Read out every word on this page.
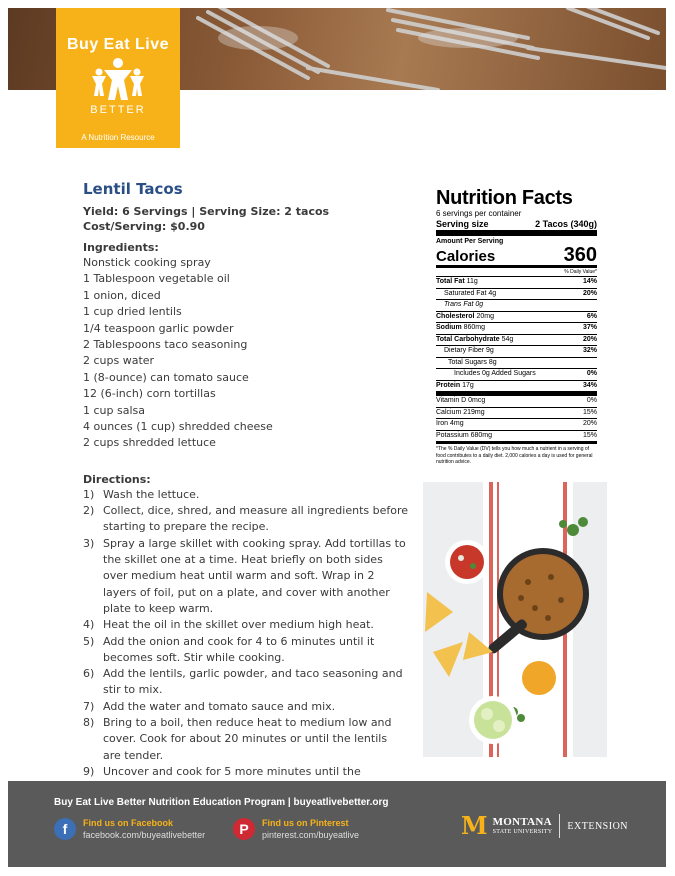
Buy Eat Live
BETTER
A Nutrition Resource
Lentil Tacos
Yield: 6 Servings | Serving Size: 2 tacos
Cost/Serving: $0.90
Ingredients:
Nonstick cooking spray
1 Tablespoon vegetable oil
1 onion, diced
1 cup dried lentils
1/4 teaspoon garlic powder
2 Tablespoons taco seasoning
2 cups water
1 (8-ounce) can tomato sauce
12 (6-inch) corn tortillas
1 cup salsa
4 ounces (1 cup) shredded cheese
2 cups shredded lettuce
Directions:
1) Wash the lettuce.
2) Collect, dice, shred, and measure all ingredients before starting to prepare the recipe.
3) Spray a large skillet with cooking spray. Add tortillas to the skillet one at a time. Heat briefly on both sides over medium heat until warm and soft. Wrap in 2 layers of foil, put on a plate, and cover with another plate to keep warm.
4) Heat the oil in the skillet over medium high heat.
5) Add the onion and cook for 4 to 6 minutes until it becomes soft. Stir while cooking.
6) Add the lentils, garlic powder, and taco seasoning and stir to mix.
7) Add the water and tomato sauce and mix.
8) Bring to a boil, then reduce heat to medium low and cover. Cook for about 20 minutes or until the lentils are tender.
9) Uncover and cook for 5 more minutes until the
Nutrition Facts
6 servings per container
Serving size	2 Tacos (340g)
Amount Per Serving
Calories	360
% Daily Value*
Total Fat 11g	14%
Saturated Fat 4g	20%
Trans Fat 0g
Cholesterol 20mg	6%
Sodium 860mg	37%
Total Carbohydrate 54g	20%
Dietary Fiber 9g	32%
Total Sugars 8g
Includes 0g Added Sugars	0%
Protein 17g	34%
Vitamin D 0mcg	0%
Calcium 219mg	15%
Iron 4mg	20%
Potassium 680mg	15%
*The % Daily Value (DV) tells you how much a nutrient in a serving of food contributes to a daily diet. 2,000 calories a day is used for general nutrition advice.
Buy Eat Live Better Nutrition Education Program | buyeatlivebetter.org
f	Find us on Facebook
facebook.com/buyeatlivebetter	P	Find us on Pinterest
pinterest.com/buyeatlive	M MONTANA
STATE UNIVERSITY
EXTENSION
